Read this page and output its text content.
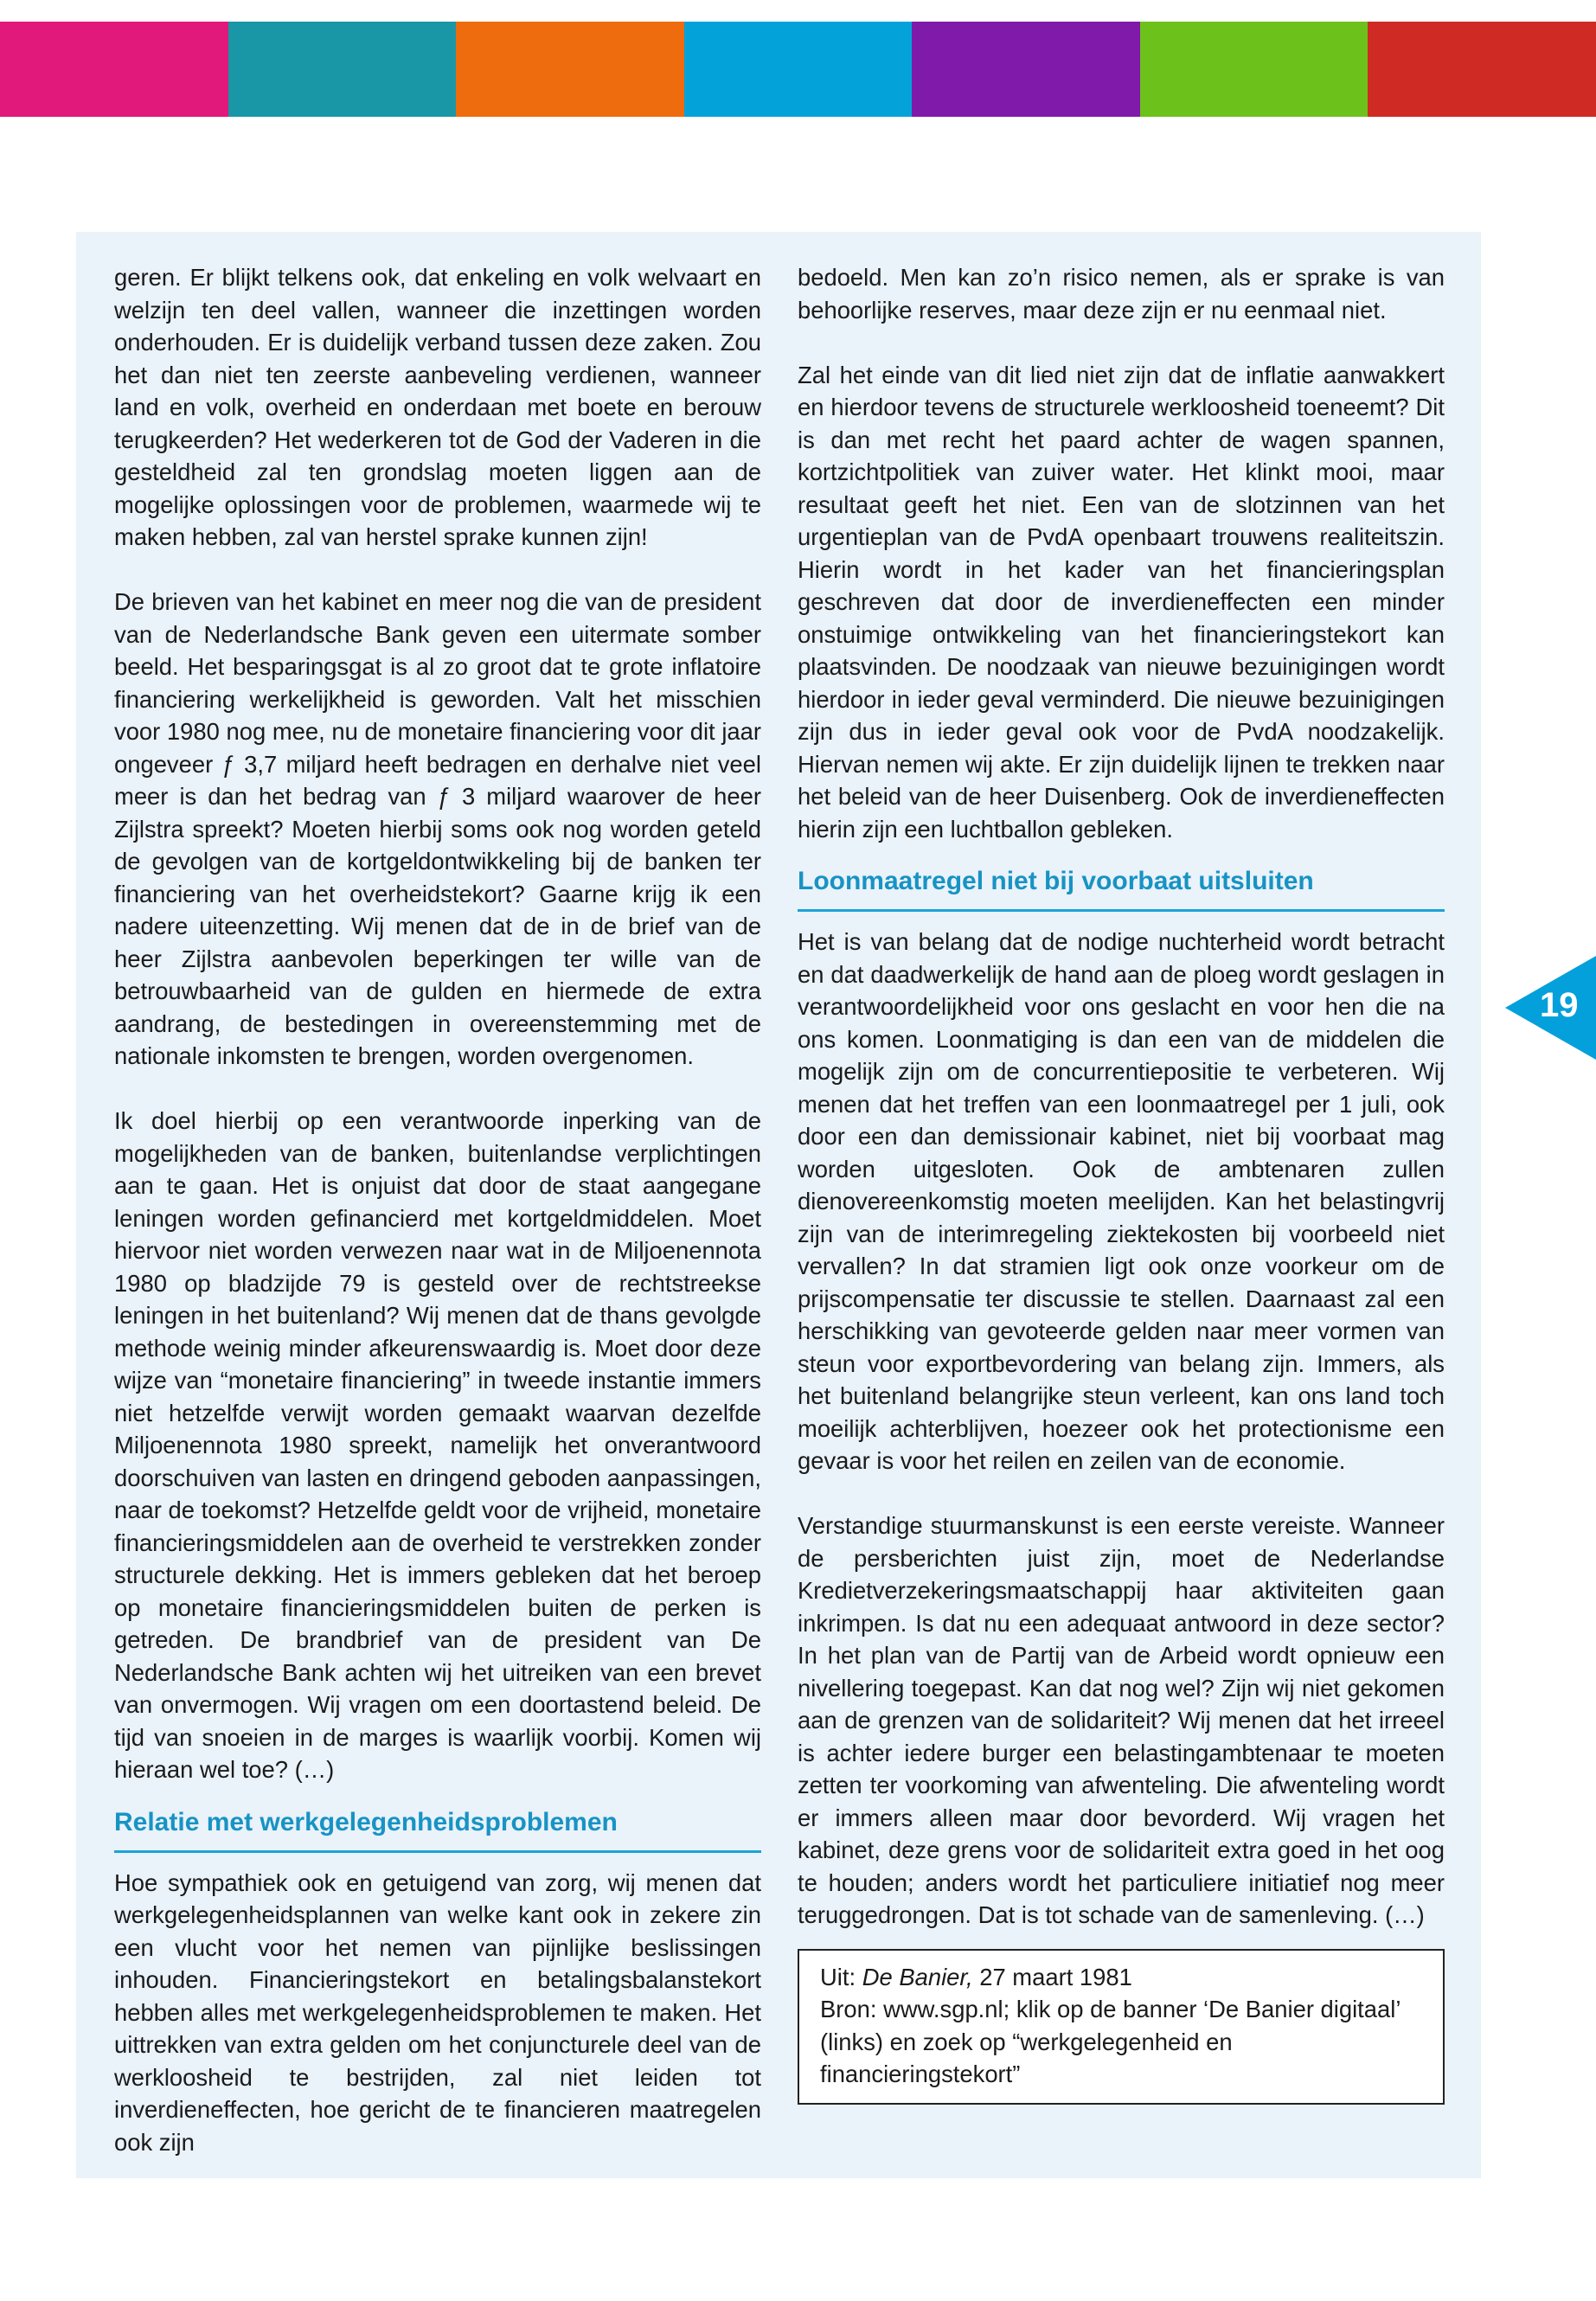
geren. Er blijkt telkens ook, dat enkeling en volk welvaart en welzijn ten deel vallen, wanneer die inzettingen worden onderhouden. Er is duidelijk verband tussen deze zaken. Zou het dan niet ten zeerste aanbeveling verdienen, wanneer land en volk, overheid en onderdaan met boete en berouw terugkeerden? Het wederkeren tot de God der Vaderen in die gesteldheid zal ten grondslag moeten liggen aan de mogelijke oplossingen voor de problemen, waarmede wij te maken hebben, zal van herstel sprake kunnen zijn!

De brieven van het kabinet en meer nog die van de president van de Nederlandsche Bank geven een uitermate somber beeld. Het besparingsgat is al zo groot dat te grote inflatoire financiering werkelijkheid is geworden. Valt het misschien voor 1980 nog mee, nu de monetaire financiering voor dit jaar ongeveer ƒ 3,7 miljard heeft bedragen en derhalve niet veel meer is dan het bedrag van ƒ 3 miljard waarover de heer Zijlstra spreekt? Moeten hierbij soms ook nog worden geteld de gevolgen van de kortgeldontwikkeling bij de banken ter financiering van het overheidstekort? Gaarne krijg ik een nadere uiteenzetting. Wij menen dat de in de brief van de heer Zijlstra aanbevolen beperkingen ter wille van de betrouwbaarheid van de gulden en hiermede de extra aandrang, de bestedingen in overeenstemming met de nationale inkomsten te brengen, worden overgenomen.

Ik doel hierbij op een verantwoorde inperking van de mogelijkheden van de banken, buitenlandse verplichtingen aan te gaan. Het is onjuist dat door de staat aangegane leningen worden gefinancierd met kortgeldmiddelen. Moet hiervoor niet worden verwezen naar wat in de Miljoenennota 1980 op bladzijde 79 is gesteld over de rechtstreekse leningen in het buitenland? Wij menen dat de thans gevolgde methode weinig minder afkeurenswaardig is. Moet door deze wijze van “monetaire financiering” in tweede instantie immers niet hetzelfde verwijt worden gemaakt waarvan dezelfde Miljoenennota 1980 spreekt, namelijk het onverantwoord doorschuiven van lasten en dringend geboden aanpassingen, naar de toekomst? Hetzelfde geldt voor de vrijheid, monetaire financieringsmiddelen aan de overheid te verstrekken zonder structurele dekking. Het is immers gebleken dat het beroep op monetaire financieringsmiddelen buiten de perken is getreden. De brandbrief van de president van De Nederlandsche Bank achten wij het uitreiken van een brevet van onvermogen. Wij vragen om een doortastend beleid. De tijd van snoeien in de marges is waarlijk voorbij. Komen wij hieraan wel toe? (…)

Relatie met werkgelegenheidsproblemen

Hoe sympathiek ook en getuigend van zorg, wij menen dat werkgelegenheidsplannen van welke kant ook in zekere zin een vlucht voor het nemen van pijnlijke beslissingen inhouden. Financieringstekort en betalingsbalanstekort hebben alles met werkgelegenheidsproblemen te maken. Het uittrekken van extra gelden om het conjuncturele deel van de werkloosheid te bestrijden, zal niet leiden tot inverdieneffecten, hoe gericht de te financieren maatregelen ook zijn

bedoeld. Men kan zo’n risico nemen, als er sprake is van behoorlijke reserves, maar deze zijn er nu eenmaal niet.

Zal het einde van dit lied niet zijn dat de inflatie aanwakkert en hierdoor tevens de structurele werkloosheid toeneemt? Dit is dan met recht het paard achter de wagen spannen, kortzichtpolitiek van zuiver water. Het klinkt mooi, maar resultaat geeft het niet. Een van de slotzinnen van het urgentieplan van de PvdA openbaart trouwens realiteitszin. Hierin wordt in het kader van het financieringsplan geschreven dat door de inverdieneffecten een minder onstuimige ontwikkeling van het financieringstekort kan plaatsvinden. De noodzaak van nieuwe bezuinigingen wordt hierdoor in ieder geval verminderd. Die nieuwe bezuinigingen zijn dus in ieder geval ook voor de PvdA noodzakelijk. Hiervan nemen wij akte. Er zijn duidelijk lijnen te trekken naar het beleid van de heer Duisenberg. Ook de inverdieneffecten hierin zijn een luchtballon gebleken.

Loonmaatregel niet bij voorbaat uitsluiten

Het is van belang dat de nodige nuchterheid wordt betracht en dat daadwerkelijk de hand aan de ploeg wordt geslagen in verantwoordelijkheid voor ons geslacht en voor hen die na ons komen. Loonmatiging is dan een van de middelen die mogelijk zijn om de concurrentiepositie te verbeteren. Wij menen dat het treffen van een loonmaatregel per 1 juli, ook door een dan demissionair kabinet, niet bij voorbaat mag worden uitgesloten. Ook de ambtenaren zullen dienovereenkomstig moeten meelijden. Kan het belastingvrij zijn van de interimregeling ziektekosten bij voorbeeld niet vervallen? In dat stramien ligt ook onze voorkeur om de prijscompensatie ter discussie te stellen. Daarnaast zal een herschikking van gevoteerde gelden naar meer vormen van steun voor exportbevordering van belang zijn. Immers, als het buitenland belangrijke steun verleent, kan ons land toch moeilijk achterblijven, hoezeer ook het protectionisme een gevaar is voor het reilen en zeilen van de economie.

Verstandige stuurmanskunst is een eerste vereiste. Wanneer de persberichten juist zijn, moet de Nederlandse Kredietverzekeringsmaatschappij haar aktiviteiten gaan inkrimpen. Is dat nu een adequaat antwoord in deze sector? In het plan van de Partij van de Arbeid wordt opnieuw een nivellering toegepast. Kan dat nog wel? Zijn wij niet gekomen aan de grenzen van de solidariteit? Wij menen dat het irreeel is achter iedere burger een belastingambtenaar te moeten zetten ter voorkoming van afwenteling. Die afwenteling wordt er immers alleen maar door bevorderd. Wij vragen het kabinet, deze grens voor de solidariteit extra goed in het oog te houden; anders wordt het particuliere initiatief nog meer teruggedrongen. Dat is tot schade van de samenleving. (…)

Uit: De Banier, 27 maart 1981
Bron: www.sgp.nl; klik op de banner ‘De Banier digitaal’ (links) en zoek op “werkgelegenheid en financieringstekort”
19
